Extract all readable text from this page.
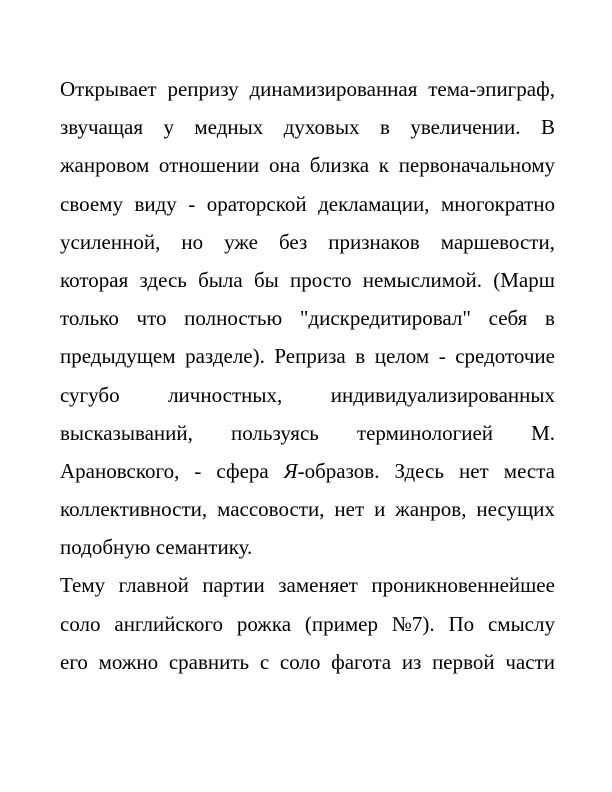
Открывает репризу динамизированная тема-эпиграф,
звучащая у медных духовых в увеличении. В
жанровом отношении она близка к первоначальному
своему виду - ораторской декламации, многократно
усиленной, но уже без признаков маршевости,
которая здесь была бы просто немыслимой. (Марш
только что полностью "дискредитировал" себя в
предыдущем разделе). Реприза в целом - средоточие
сугубо личностных, индивидуализированных
высказываний, пользуясь терминологией М.
Арановского, - сфера Я-образов. Здесь нет места
коллективности, массовости, нет и жанров, несущих
подобную семантику.
Тему главной партии заменяет проникновеннейшее
соло английского рожка (пример №7). По смыслу
его можно сравнить с соло фагота из первой части
